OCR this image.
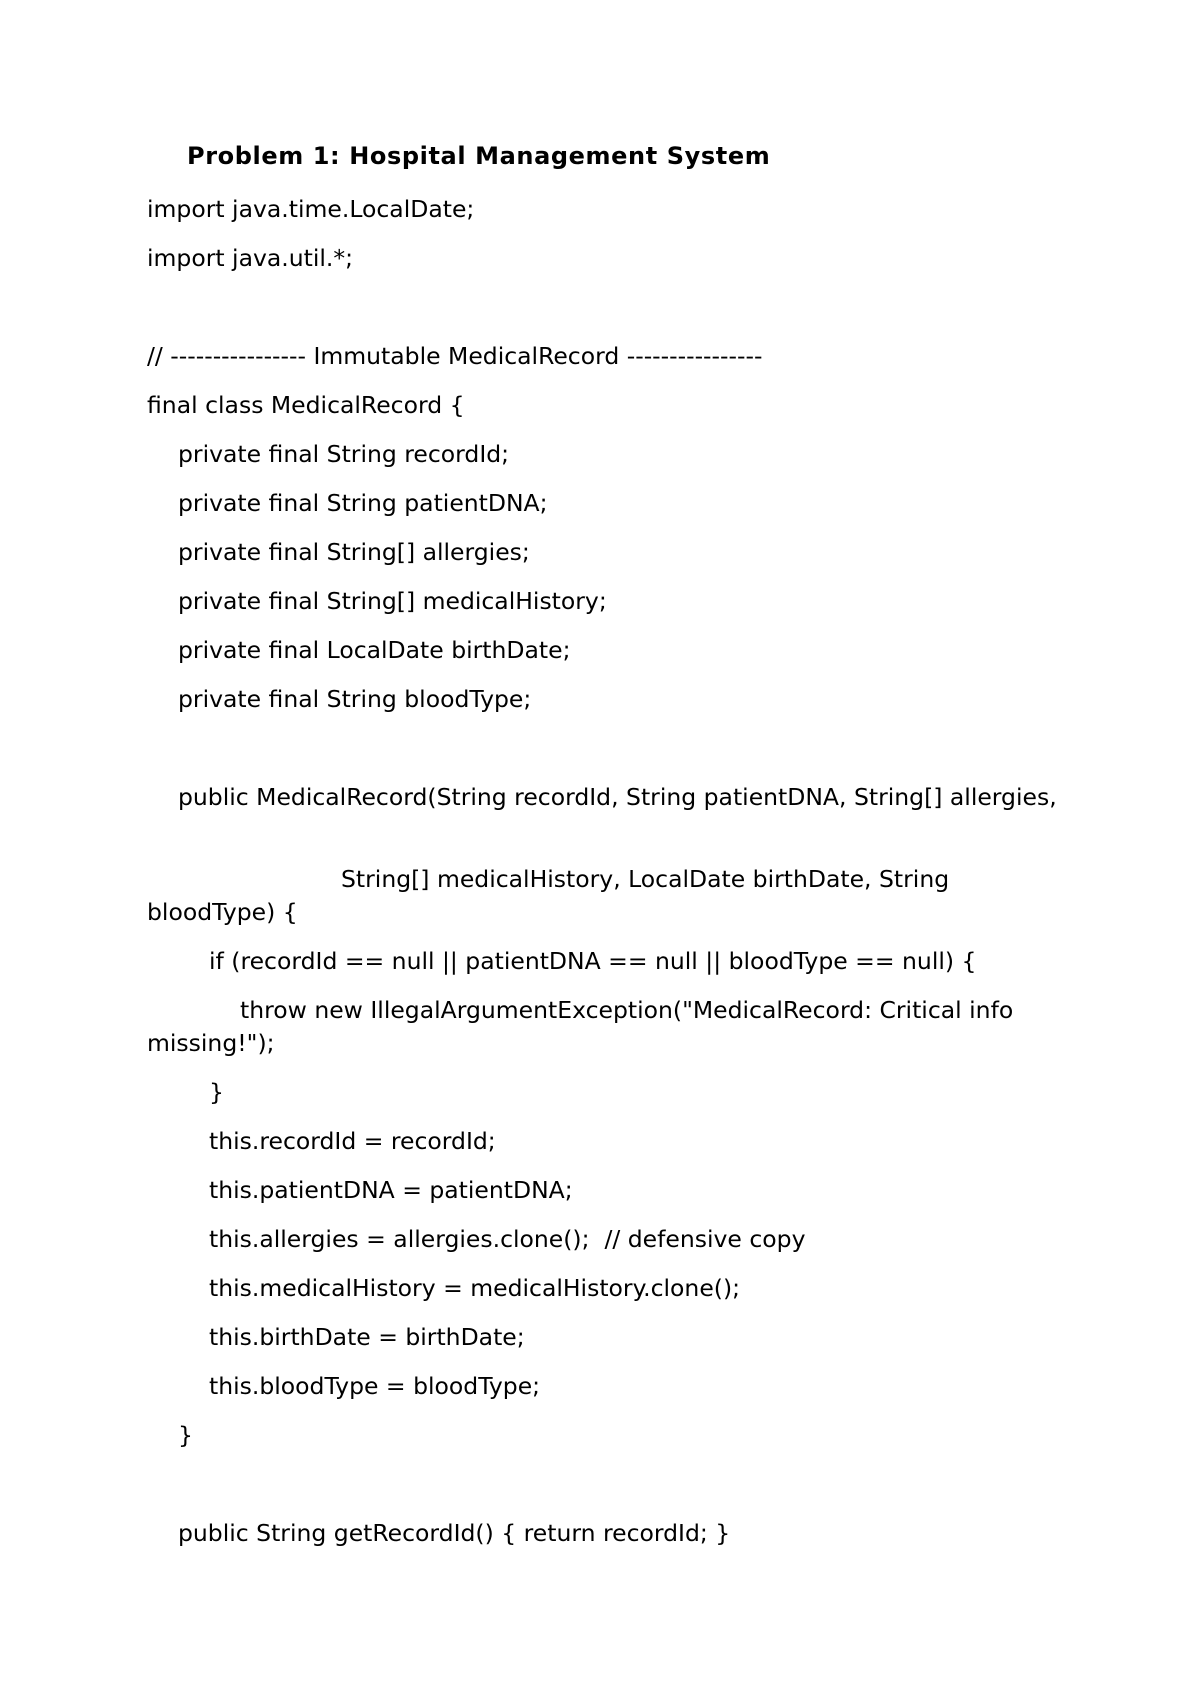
Problem 1: Hospital Management System
import java.time.LocalDate;
import java.util.*;
// ---------------- Immutable MedicalRecord ----------------
final class MedicalRecord {
private final String recordId;
private final String patientDNA;
private final String[] allergies;
private final String[] medicalHistory;
private final LocalDate birthDate;
private final String bloodType;
public MedicalRecord(String recordId, String patientDNA, String[] allergies,
String[] medicalHistory, LocalDate birthDate, String bloodType) {
if (recordId == null || patientDNA == null || bloodType == null) {
throw new IllegalArgumentException("MedicalRecord: Critical info missing!");
}
this.recordId = recordId;
this.patientDNA = patientDNA;
this.allergies = allergies.clone();  // defensive copy
this.medicalHistory = medicalHistory.clone();
this.birthDate = birthDate;
this.bloodType = bloodType;
}
public String getRecordId() { return recordId; }
